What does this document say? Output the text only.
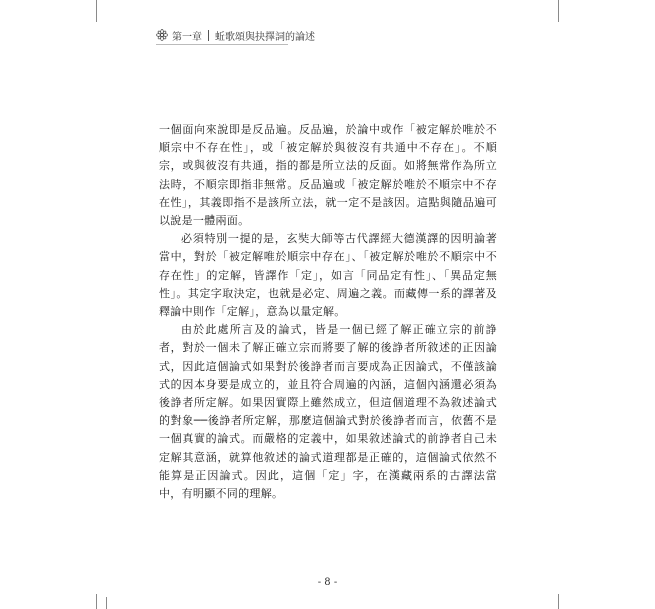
第一章 蚯歌頌與抉擇詞的論述

一個面向來說即是反品遍。反品遍，於論中或作「被定解於唯於不順宗中不存在性」，或「被定解於與彼沒有共通中不存在」。不順宗，或與彼沒有共通，指的都是所立法的反面。如將無常作為所立法時，不順宗即指非無常。反品遍或「被定解於唯於不順宗中不存在性」，其義即指不是該所立法，就一定不是該因。這點與隨品遍可以說是一體兩面。

必須特別一提的是，玄奘大師等古代譯經大德漢譯的因明論著當中，對於「被定解唯於順宗中存在」、「被定解於唯於不順宗中不存在性」的定解，皆譯作「定」，如言「同品定有性」、「異品定無性」。其定字取決定，也就是必定、周遍之義。而藏傳一系的譯著及釋論中則作「定解」，意為以量定解。

由於此處所言及的論式，皆是一個已經了解正確立宗的前諍者，對於一個未了解正確立宗而將要了解的後諍者所敘述的正因論式，因此這個論式如果對於後諍者而言要成為正因論式，不僅該論式的因本身要是成立的，並且符合周遍的內涵，這個內涵還必須為後諍者所定解。如果因實際上雖然成立，但這個道理不為敘述論式的對象──後諍者所定解，那麼這個論式對於後諍者而言，依舊不是一個真實的論式。而嚴格的定義中，如果敘述論式的前諍者自己未定解其意涵，就算他敘述的論式道理都是正確的，這個論式依然不能算是正因論式。因此，這個「定」字，在漢藏兩系的古譯法當中，有明顯不同的理解。

- 8 -
